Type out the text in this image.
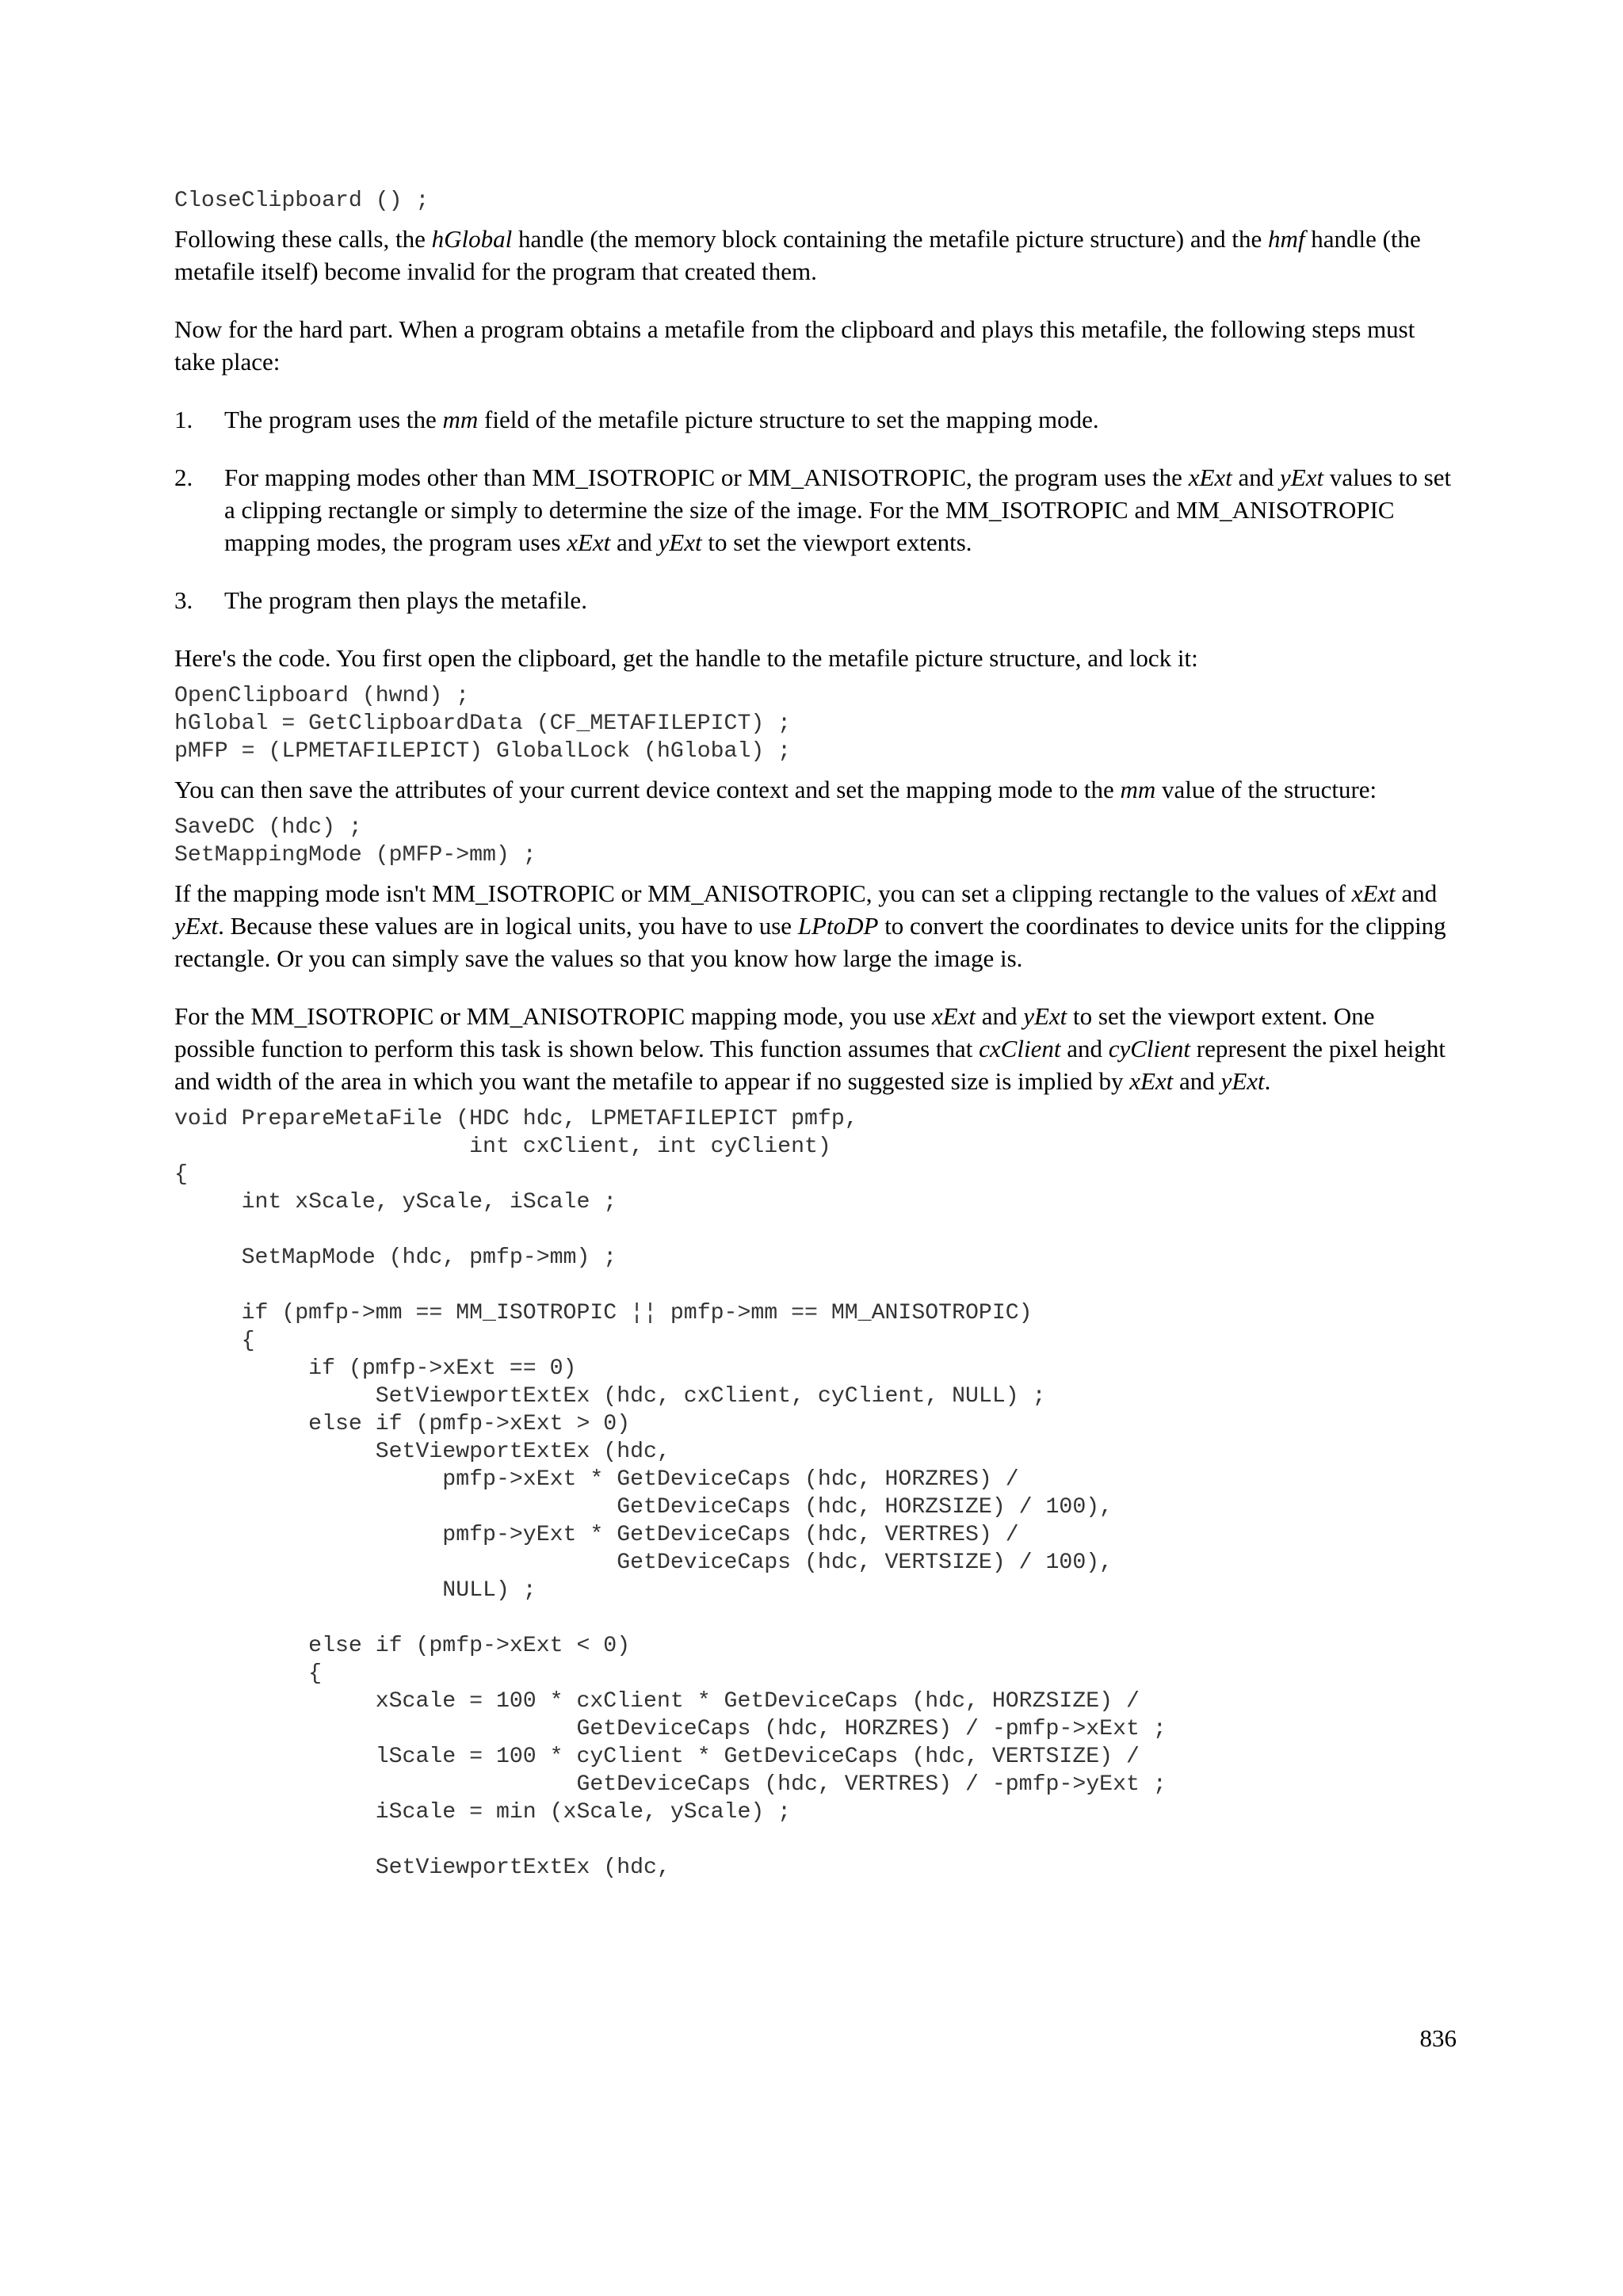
CloseClipboard () ;

Following these calls, the hGlobal handle (the memory block containing the metafile picture structure) and the hmf handle (the metafile itself) become invalid for the program that created them.

Now for the hard part. When a program obtains a metafile from the clipboard and plays this metafile, the following steps must take place:

1. The program uses the mm field of the metafile picture structure to set the mapping mode.
2. For mapping modes other than MM_ISOTROPIC or MM_ANISOTROPIC, the program uses the xExt and yExt values to set a clipping rectangle or simply to determine the size of the image. For the MM_ISOTROPIC and MM_ANISOTROPIC mapping modes, the program uses xExt and yExt to set the viewport extents.
3. The program then plays the metafile.

Here's the code. You first open the clipboard, get the handle to the metafile picture structure, and lock it:

OpenClipboard (hwnd) ;
hGlobal = GetClipboardData (CF_METAFILEPICT) ;
pMFP = (LPMETAFILEPICT) GlobalLock (hGlobal) ;

You can then save the attributes of your current device context and set the mapping mode to the mm value of the structure:

SaveDC (hdc) ;
SetMappingMode (pMFP->mm) ;

If the mapping mode isn't MM_ISOTROPIC or MM_ANISOTROPIC, you can set a clipping rectangle to the values of xExt and yExt. Because these values are in logical units, you have to use LPtoDP to convert the coordinates to device units for the clipping rectangle. Or you can simply save the values so that you know how large the image is.

For the MM_ISOTROPIC or MM_ANISOTROPIC mapping mode, you use xExt and yExt to set the viewport extent. One possible function to perform this task is shown below. This function assumes that cxClient and cyClient represent the pixel height and width of the area in which you want the metafile to appear if no suggested size is implied by xExt and yExt.

void PrepareMetaFile (HDC hdc, LPMETAFILEPICT pmfp,
int cxClient, int cyClient)
{
int xScale, yScale, iScale ;

SetMapMode (hdc, pmfp->mm) ;

if (pmfp->mm == MM_ISOTROPIC ¦¦ pmfp->mm == MM_ANISOTROPIC)
{
if (pmfp->xExt == 0)
SetViewportExtEx (hdc, cxClient, cyClient, NULL) ;
else if (pmfp->xExt > 0)
SetViewportExtEx (hdc,
pmfp->xExt * GetDeviceCaps (hdc, HORZRES) /
GetDeviceCaps (hdc, HORZSIZE) / 100),
pmfp->yExt * GetDeviceCaps (hdc, VERTRES) /
GetDeviceCaps (hdc, VERTSIZE) / 100),
NULL) ;

else if (pmfp->xExt < 0)
{
xScale = 100 * cxClient * GetDeviceCaps (hdc, HORZSIZE) /
GetDeviceCaps (hdc, HORZRES) / -pmfp->xExt ;
lScale = 100 * cyClient * GetDeviceCaps (hdc, VERTSIZE) /
GetDeviceCaps (hdc, VERTRES) / -pmfp->yExt ;
iScale = min (xScale, yScale) ;

SetViewportExtEx (hdc,
836
